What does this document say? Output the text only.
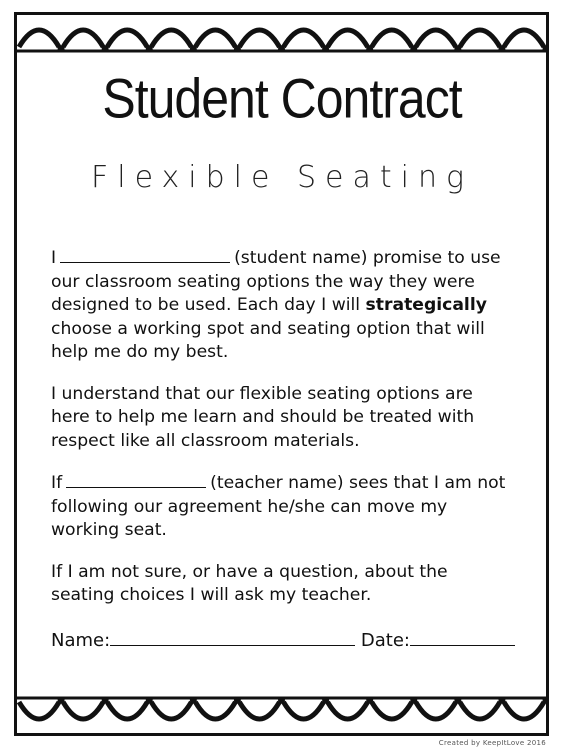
Student Contract
Flexible Seating

I	(student name) promise to use our classroom seating options the way they were designed to be used. Each day I will strategically choose a working spot and seating option that will help me do my best.

I understand that our flexible seating options are here to help me learn and should be treated with respect like all classroom materials.

If	(teacher name) sees that I am not following our agreement he/she can move my working seat.

If I am not sure, or have a question, about the seating choices I will ask my teacher.

Name:	Date:
Created by KeepItLove 2016
